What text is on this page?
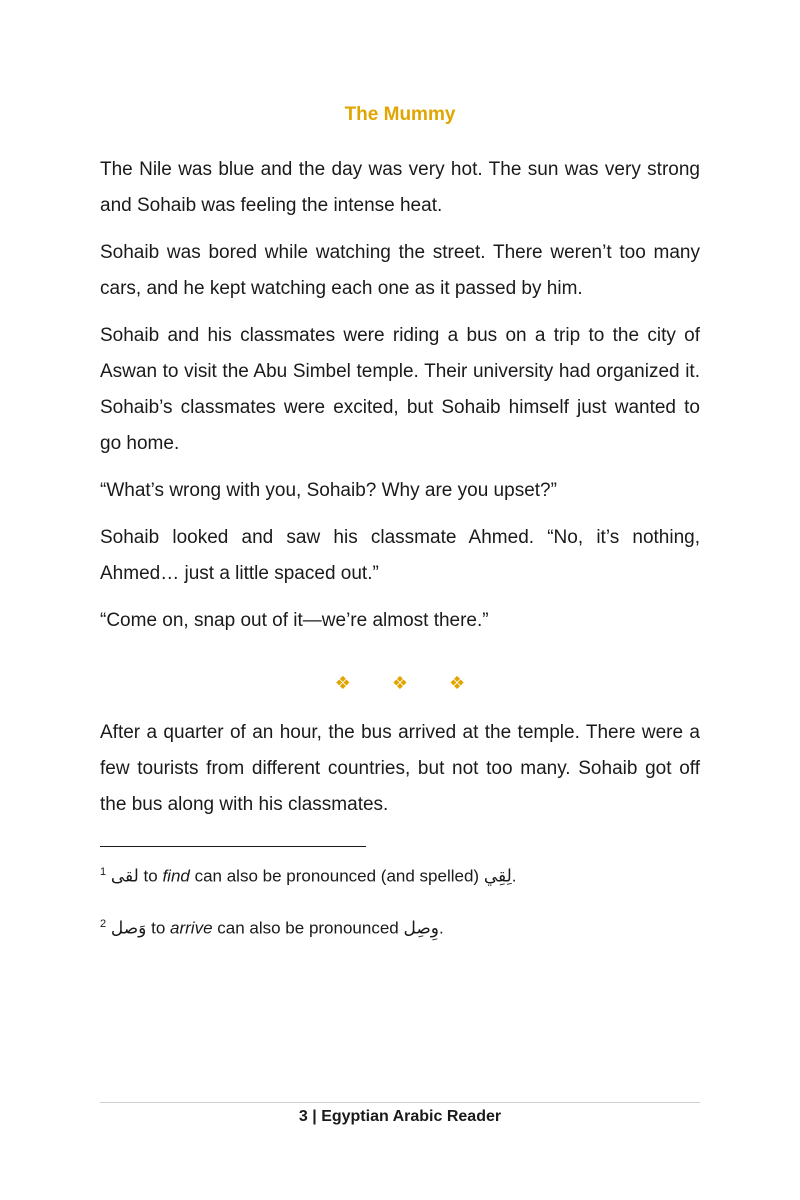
The Mummy

The Nile was blue and the day was very hot. The sun was very strong and Sohaib was feeling the intense heat.

Sohaib was bored while watching the street. There weren’t too many cars, and he kept watching each one as it passed by him.

Sohaib and his classmates were riding a bus on a trip to the city of Aswan to visit the Abu Simbel temple. Their university had organized it. Sohaib’s classmates were excited, but Sohaib himself just wanted to go home.

“What’s wrong with you, Sohaib? Why are you upset?”

Sohaib looked and saw his classmate Ahmed. “No, it’s nothing, Ahmed… just a little spaced out.”

“Come on, snap out of it—we’re almost there.”

❖ ❖ ❖

After a quarter of an hour, the bus arrived at the temple. There were a few tourists from different countries, but not too many. Sohaib got off the bus along with his classmates.

$^1$ لقى to find can also be pronounced (and spelled) لِقِي.

$^2$ وَصل to arrive can also be pronounced وِصِل.

3 | Egyptian Arabic Reader
